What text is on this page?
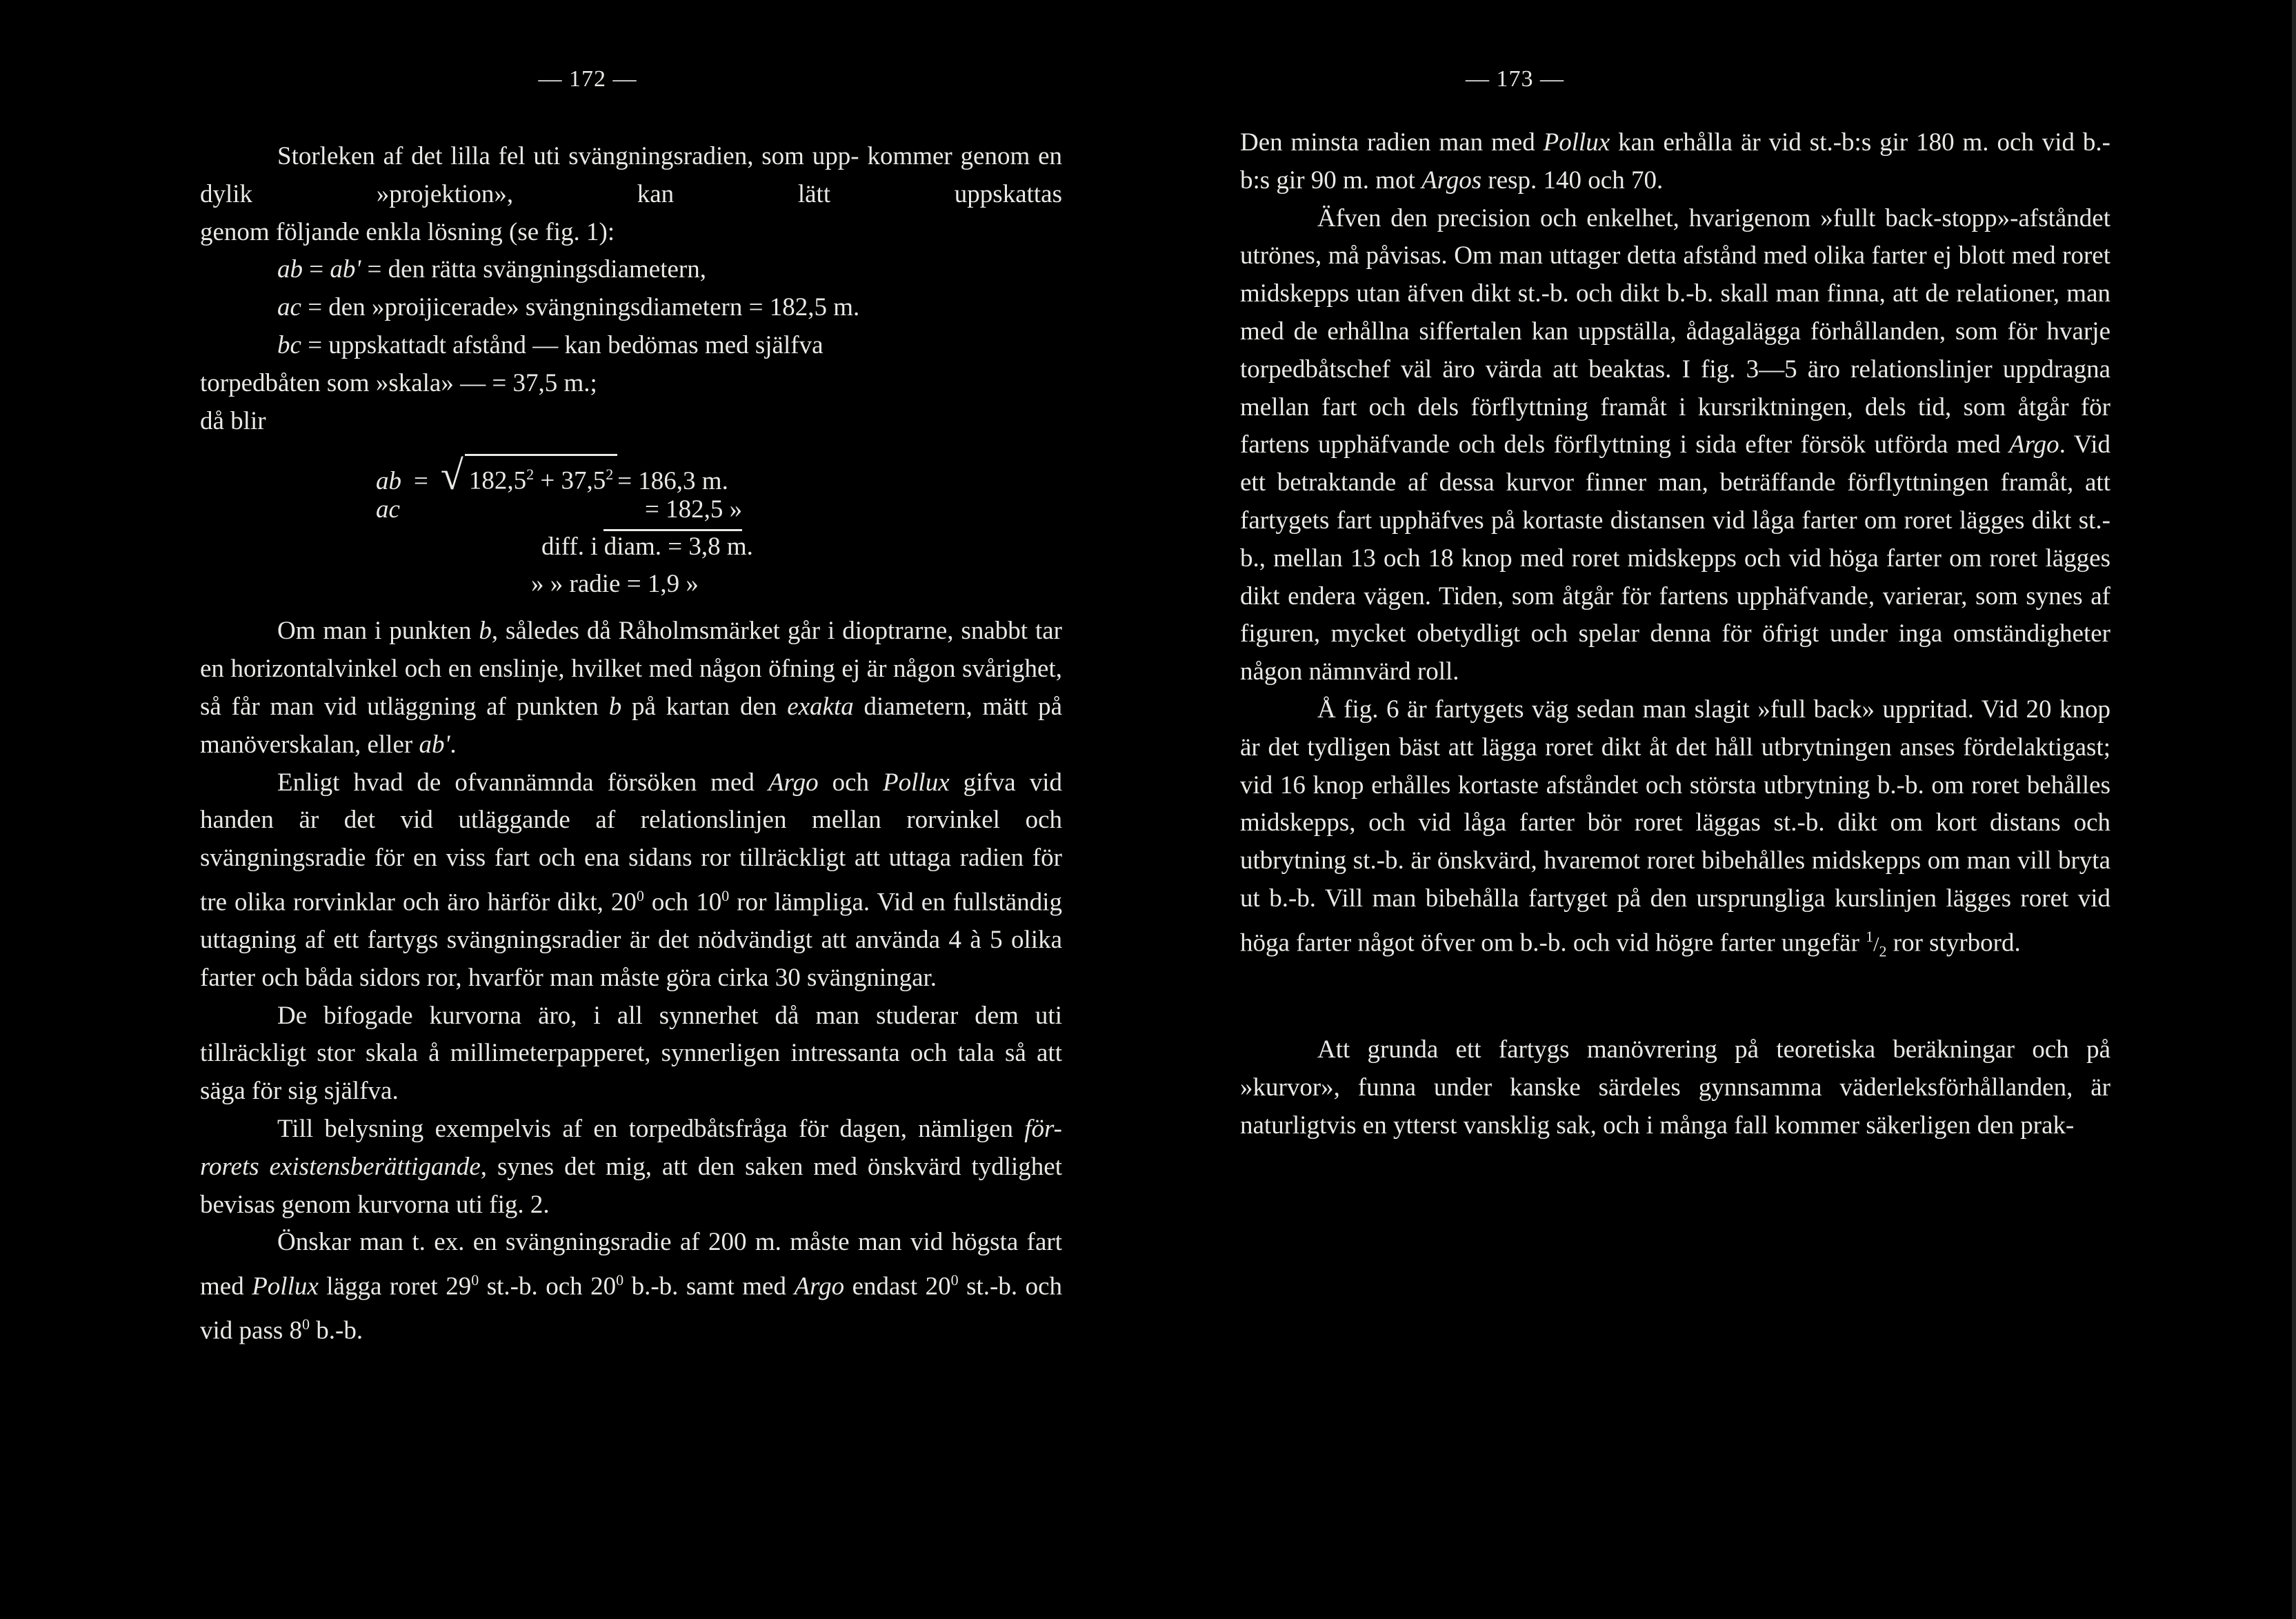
— 172 —

Storleken af det lilla fel uti svängningsradien, som upp- kommer genom en dylik »projektion», kan lätt uppskattas

genom följande enkla lösning (se fig. 1):

ab = ab' = den rätta svängningsdiametern,
ac = den »proijicerade» svängningsdiametern = 182,5 m.
bc = uppskattadt afstånd — kan bedömas med själfva
torpedbåten som »skala» — = 37,5 m.;
då blir
ab = √ $182,5^2 + 37,5^2 = 186,3$ m.
ac	= 182,5 »
diff. i diam. = 3,8 m.
» » radie = 1,9 »

Om man i punkten b, således då Råholmsmärket går i dioptrarne, snabbt tar en horizontalvinkel och en enslinje, hvilket med någon öfning ej är någon svårighet, så får man vid utläggning af punkten b på kartan den exakta diametern, mätt på manöverskalan, eller ab'.

Enligt hvad de ofvannämnda försöken med Argo och Pollux gifva vid handen är det vid utläggande af relationslinjen mellan rorvinkel och svängningsradie för en viss fart och ena sidans ror tillräckligt att uttaga radien för tre olika rorvinklar och äro härför dikt, $20^0$ och $10^0$ ror lämpliga. Vid en fullständig uttagning af ett fartygs svängningsradier är det nödvändigt att använda 4 à 5 olika farter och båda sidors ror, hvarför man måste göra cirka 30 svängningar.

De bifogade kurvorna äro, i all synnerhet då man studerar dem uti tillräckligt stor skala å millimeterpapperet, synnerligen intressanta och tala så att säga för sig själfva.

Till belysning exempelvis af en torpedbåtsfråga för dagen, nämligen för-rorets existensberättigande, synes det mig, att den saken med önskvärd tydlighet bevisas genom kurvorna uti fig. 2.

Önskar man t. ex. en svängningsradie af 200 m. måste man vid högsta fart med Pollux lägga roret $29^0$ st.-b. och $20^0$ b.-b. samt med Argo endast $20^0$ st.-b. och vid pass $8^0$ b.-b.

— 173 —

Den minsta radien man med Pollux kan erhålla är vid st.-b:s gir 180 m. och vid b.-b:s gir 90 m. mot Argos resp. 140 och 70.

Äfven den precision och enkelhet, hvarigenom »fullt back-stopp»-afståndet utrönes, må påvisas. Om man uttager detta afstånd med olika farter ej blott med roret midskepps utan äfven dikt st.-b. och dikt b.-b. skall man finna, att de relationer, man med de erhållna siffertalen kan uppställa, ådagalägga förhållanden, som för hvarje torpedbåtschef väl äro värda att beaktas. I fig. 3—5 äro relationslinjer uppdragna mellan fart och dels förflyttning framåt i kursriktningen, dels tid, som åtgår för fartens upphäfvande och dels förflyttning i sida efter försök utförda med Argo. Vid ett betraktande af dessa kurvor finner man, beträffande förflyttningen framåt, att fartygets fart upphäfves på kortaste distansen vid låga farter om roret lägges dikt st.-b., mellan 13 och 18 knop med roret midskepps och vid höga farter om roret lägges dikt endera vägen. Tiden, som åtgår för fartens upphäfvande, varierar, som synes af figuren, mycket obetydligt och spelar denna för öfrigt under inga omständigheter någon nämnvärd roll.

Å fig. 6 är fartygets väg sedan man slagit »full back» uppritad. Vid 20 knop är det tydligen bäst att lägga roret dikt åt det håll utbrytningen anses fördelaktigast; vid 16 knop erhålles kortaste afståndet och största utbrytning b.-b. om roret behålles midskepps, och vid låga farter bör roret läggas st.-b. dikt om kort distans och utbrytning st.-b. är önskvärd, hvaremot roret bibehålles midskepps om man vill bryta ut b.-b. Vill man bibehålla fartyget på den ursprungliga kurslinjen lägges roret vid höga farter något öfver om b.-b. och vid högre farter ungefär $^1/_2$ ror styrbord.

Att grunda ett fartygs manövrering på teoretiska beräkningar och på »kurvor», funna under kanske särdeles gynnsamma väderleksförhållanden, är naturligtvis en ytterst vansklig sak, och i många fall kommer säkerligen den prak-
